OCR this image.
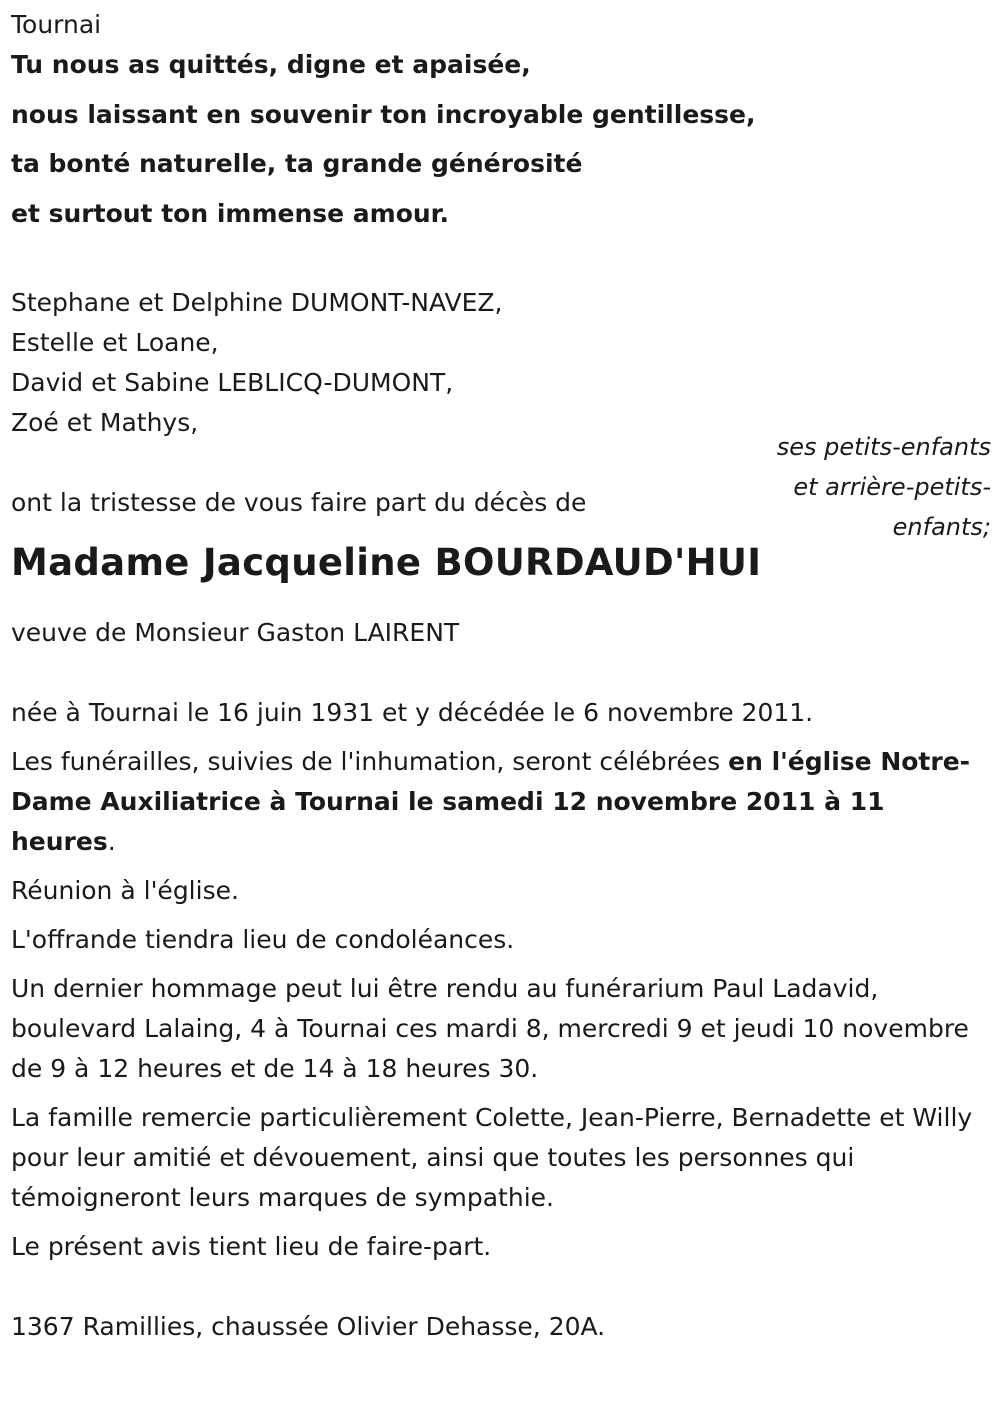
Tournai
Tu nous as quittés, digne et apaisée,
nous laissant en souvenir ton incroyable gentillesse,
ta bonté naturelle, ta grande générosité
et surtout ton immense amour.
Stephane et Delphine DUMONT-NAVEZ,
Estelle et Loane,
David et Sabine LEBLICQ-DUMONT,
Zoé et Mathys,
ont la tristesse de vous faire part du décès de
Madame Jacqueline BOURDAUD'HUI
veuve de Monsieur Gaston LAIRENT
née à Tournai le 16 juin 1931 et y décédée le 6 novembre 2011.
Les funérailles, suivies de l'inhumation, seront célébrées en l'église Notre-Dame Auxiliatrice à Tournai le samedi 12 novembre 2011 à 11 heures.
Réunion à l'église.
L'offrande tiendra lieu de condoléances.
Un dernier hommage peut lui être rendu au funérarium Paul Ladavid, boulevard Lalaing, 4 à Tournai ces mardi 8, mercredi 9 et jeudi 10 novembre de 9 à 12 heures et de 14 à 18 heures 30.
La famille remercie particulièrement Colette, Jean-Pierre, Bernadette et Willy pour leur amitié et dévouement, ainsi que toutes les personnes qui témoigneront leurs marques de sympathie.
Le présent avis tient lieu de faire-part.
1367 Ramillies, chaussée Olivier Dehasse, 20A.
ses petits-enfants
et arrière-petits-
enfants;
